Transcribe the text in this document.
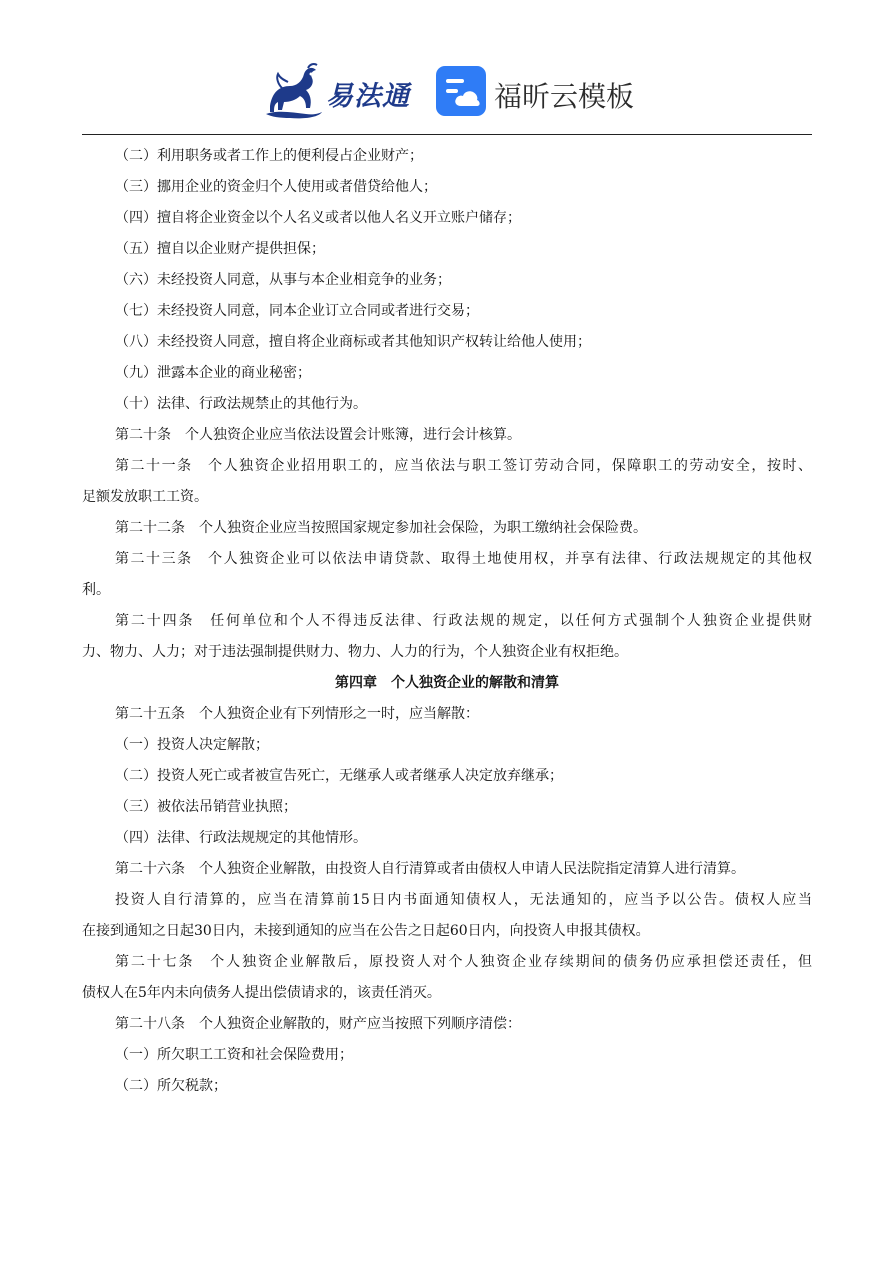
易法通	福昕云模板
（二）利用职务或者工作上的便利侵占企业财产；
（三）挪用企业的资金归个人使用或者借贷给他人；
（四）擅自将企业资金以个人名义或者以他人名义开立账户储存；
（五）擅自以企业财产提供担保；
（六）未经投资人同意，从事与本企业相竞争的业务；
（七）未经投资人同意，同本企业订立合同或者进行交易；
（八）未经投资人同意，擅自将企业商标或者其他知识产权转让给他人使用；
（九）泄露本企业的商业秘密；
（十）法律、行政法规禁止的其他行为。
第二十条　个人独资企业应当依法设置会计账簿，进行会计核算。
第二十一条　个人独资企业招用职工的，应当依法与职工签订劳动合同，保障职工的劳动安全，按时、
足额发放职工工资。
第二十二条　个人独资企业应当按照国家规定参加社会保险，为职工缴纳社会保险费。
第二十三条　个人独资企业可以依法申请贷款、取得土地使用权，并享有法律、行政法规规定的其他权
利。
第二十四条　任何单位和个人不得违反法律、行政法规的规定，以任何方式强制个人独资企业提供财
力、物力、人力；对于违法强制提供财力、物力、人力的行为，个人独资企业有权拒绝。
第四章　个人独资企业的解散和清算
第二十五条　个人独资企业有下列情形之一时，应当解散：
（一）投资人决定解散；
（二）投资人死亡或者被宣告死亡，无继承人或者继承人决定放弃继承；
（三）被依法吊销营业执照；
（四）法律、行政法规规定的其他情形。
第二十六条　个人独资企业解散，由投资人自行清算或者由债权人申请人民法院指定清算人进行清算。
投资人自行清算的，应当在清算前15日内书面通知债权人，无法通知的，应当予以公告。债权人应当
在接到通知之日起30日内，未接到通知的应当在公告之日起60日内，向投资人申报其债权。
第二十七条　个人独资企业解散后，原投资人对个人独资企业存续期间的债务仍应承担偿还责任，但
债权人在5年内未向债务人提出偿债请求的，该责任消灭。
第二十八条　个人独资企业解散的，财产应当按照下列顺序清偿：
（一）所欠职工工资和社会保险费用；
（二）所欠税款；
